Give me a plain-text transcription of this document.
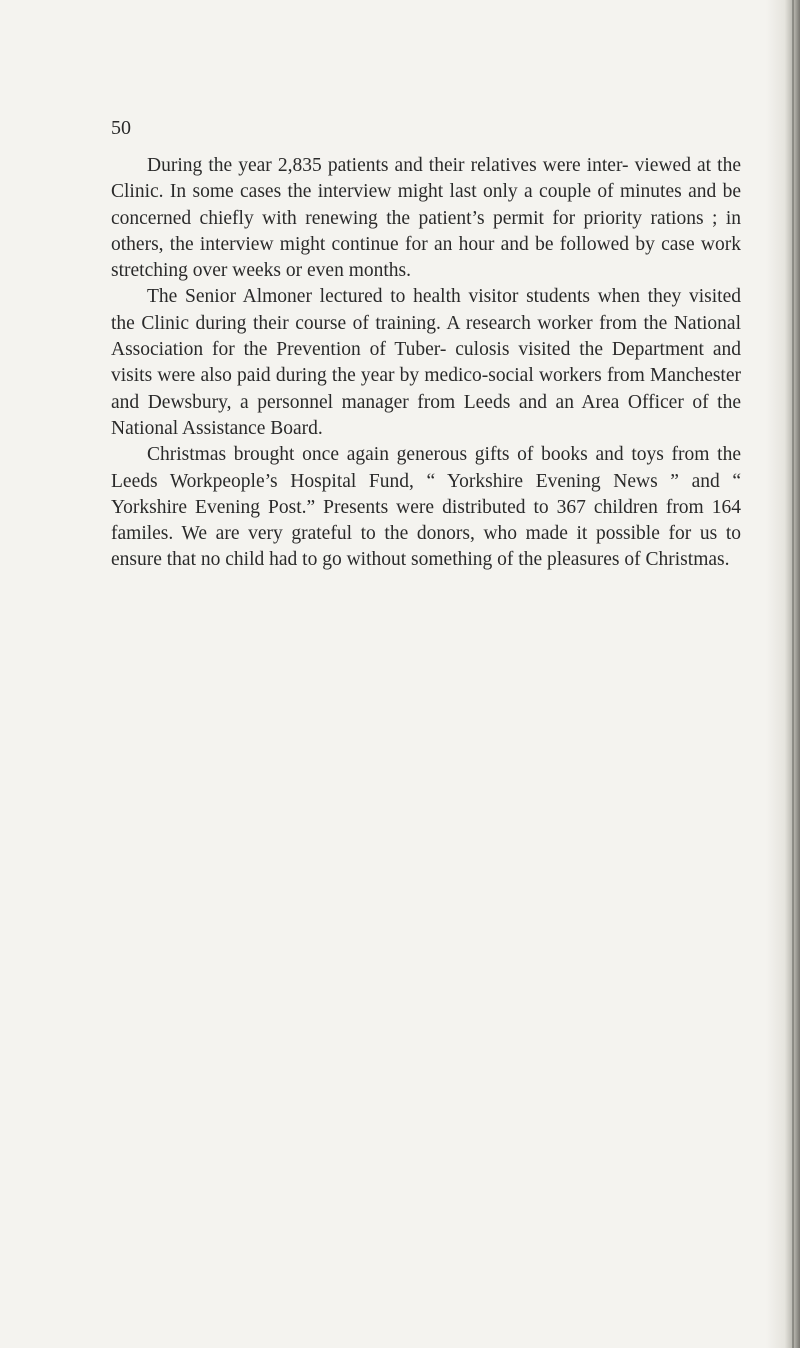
50

During the year 2,835 patients and their relatives were inter- viewed at the Clinic. In some cases the interview might last only a couple of minutes and be concerned chiefly with renewing the patient’s permit for priority rations ; in others, the interview might continue for an hour and be followed by case work stretching over weeks or even months.

The Senior Almoner lectured to health visitor students when they visited the Clinic during their course of training. A research worker from the National Association for the Prevention of Tuber- culosis visited the Department and visits were also paid during the year by medico-social workers from Manchester and Dewsbury, a personnel manager from Leeds and an Area Officer of the National Assistance Board.

Christmas brought once again generous gifts of books and toys from the Leeds Workpeople’s Hospital Fund, “ Yorkshire Evening News ” and “ Yorkshire Evening Post.” Presents were distributed to 367 children from 164 familes. We are very grateful to the donors, who made it possible for us to ensure that no child had to go without something of the pleasures of Christmas.
